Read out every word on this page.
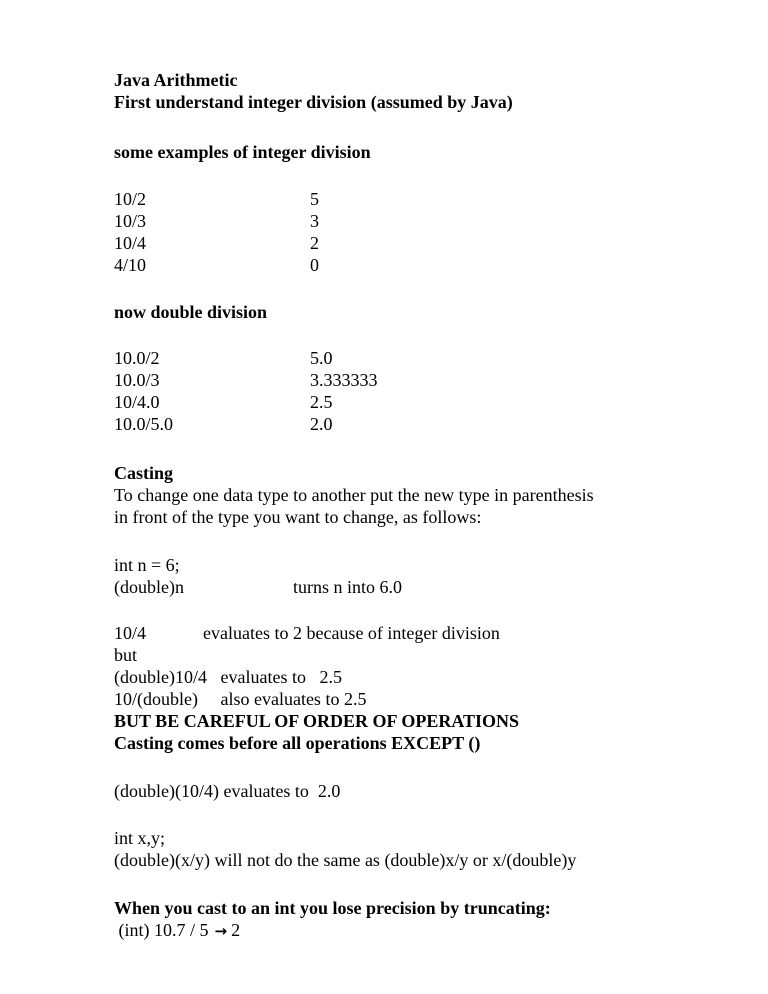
Java Arithmetic
First understand integer division (assumed by Java)
some examples of integer division
10/2	5
10/3	3
10/4	2
4/10	0
now double division
10.0/2	5.0
10.0/3	3.333333
10/4.0	2.5
10.0/5.0	2.0
Casting
To change one data type to another put the new type in parenthesis
in front of the type you want to change, as follows:
int n = 6;
(double)n	turns n into 6.0
10/4	evaluates to 2 because of integer division
but
(double)10/4   evaluates to   2.5
10/(double)     also evaluates to 2.5
BUT BE CAREFUL OF ORDER OF OPERATIONS
Casting comes before all operations EXCEPT ()
(double)(10/4) evaluates to  2.0
int x,y;
(double)(x/y) will not do the same as (double)x/y or x/(double)y
When you cast to an int you lose precision by truncating:
(int) 10.7 / 5 → 2
